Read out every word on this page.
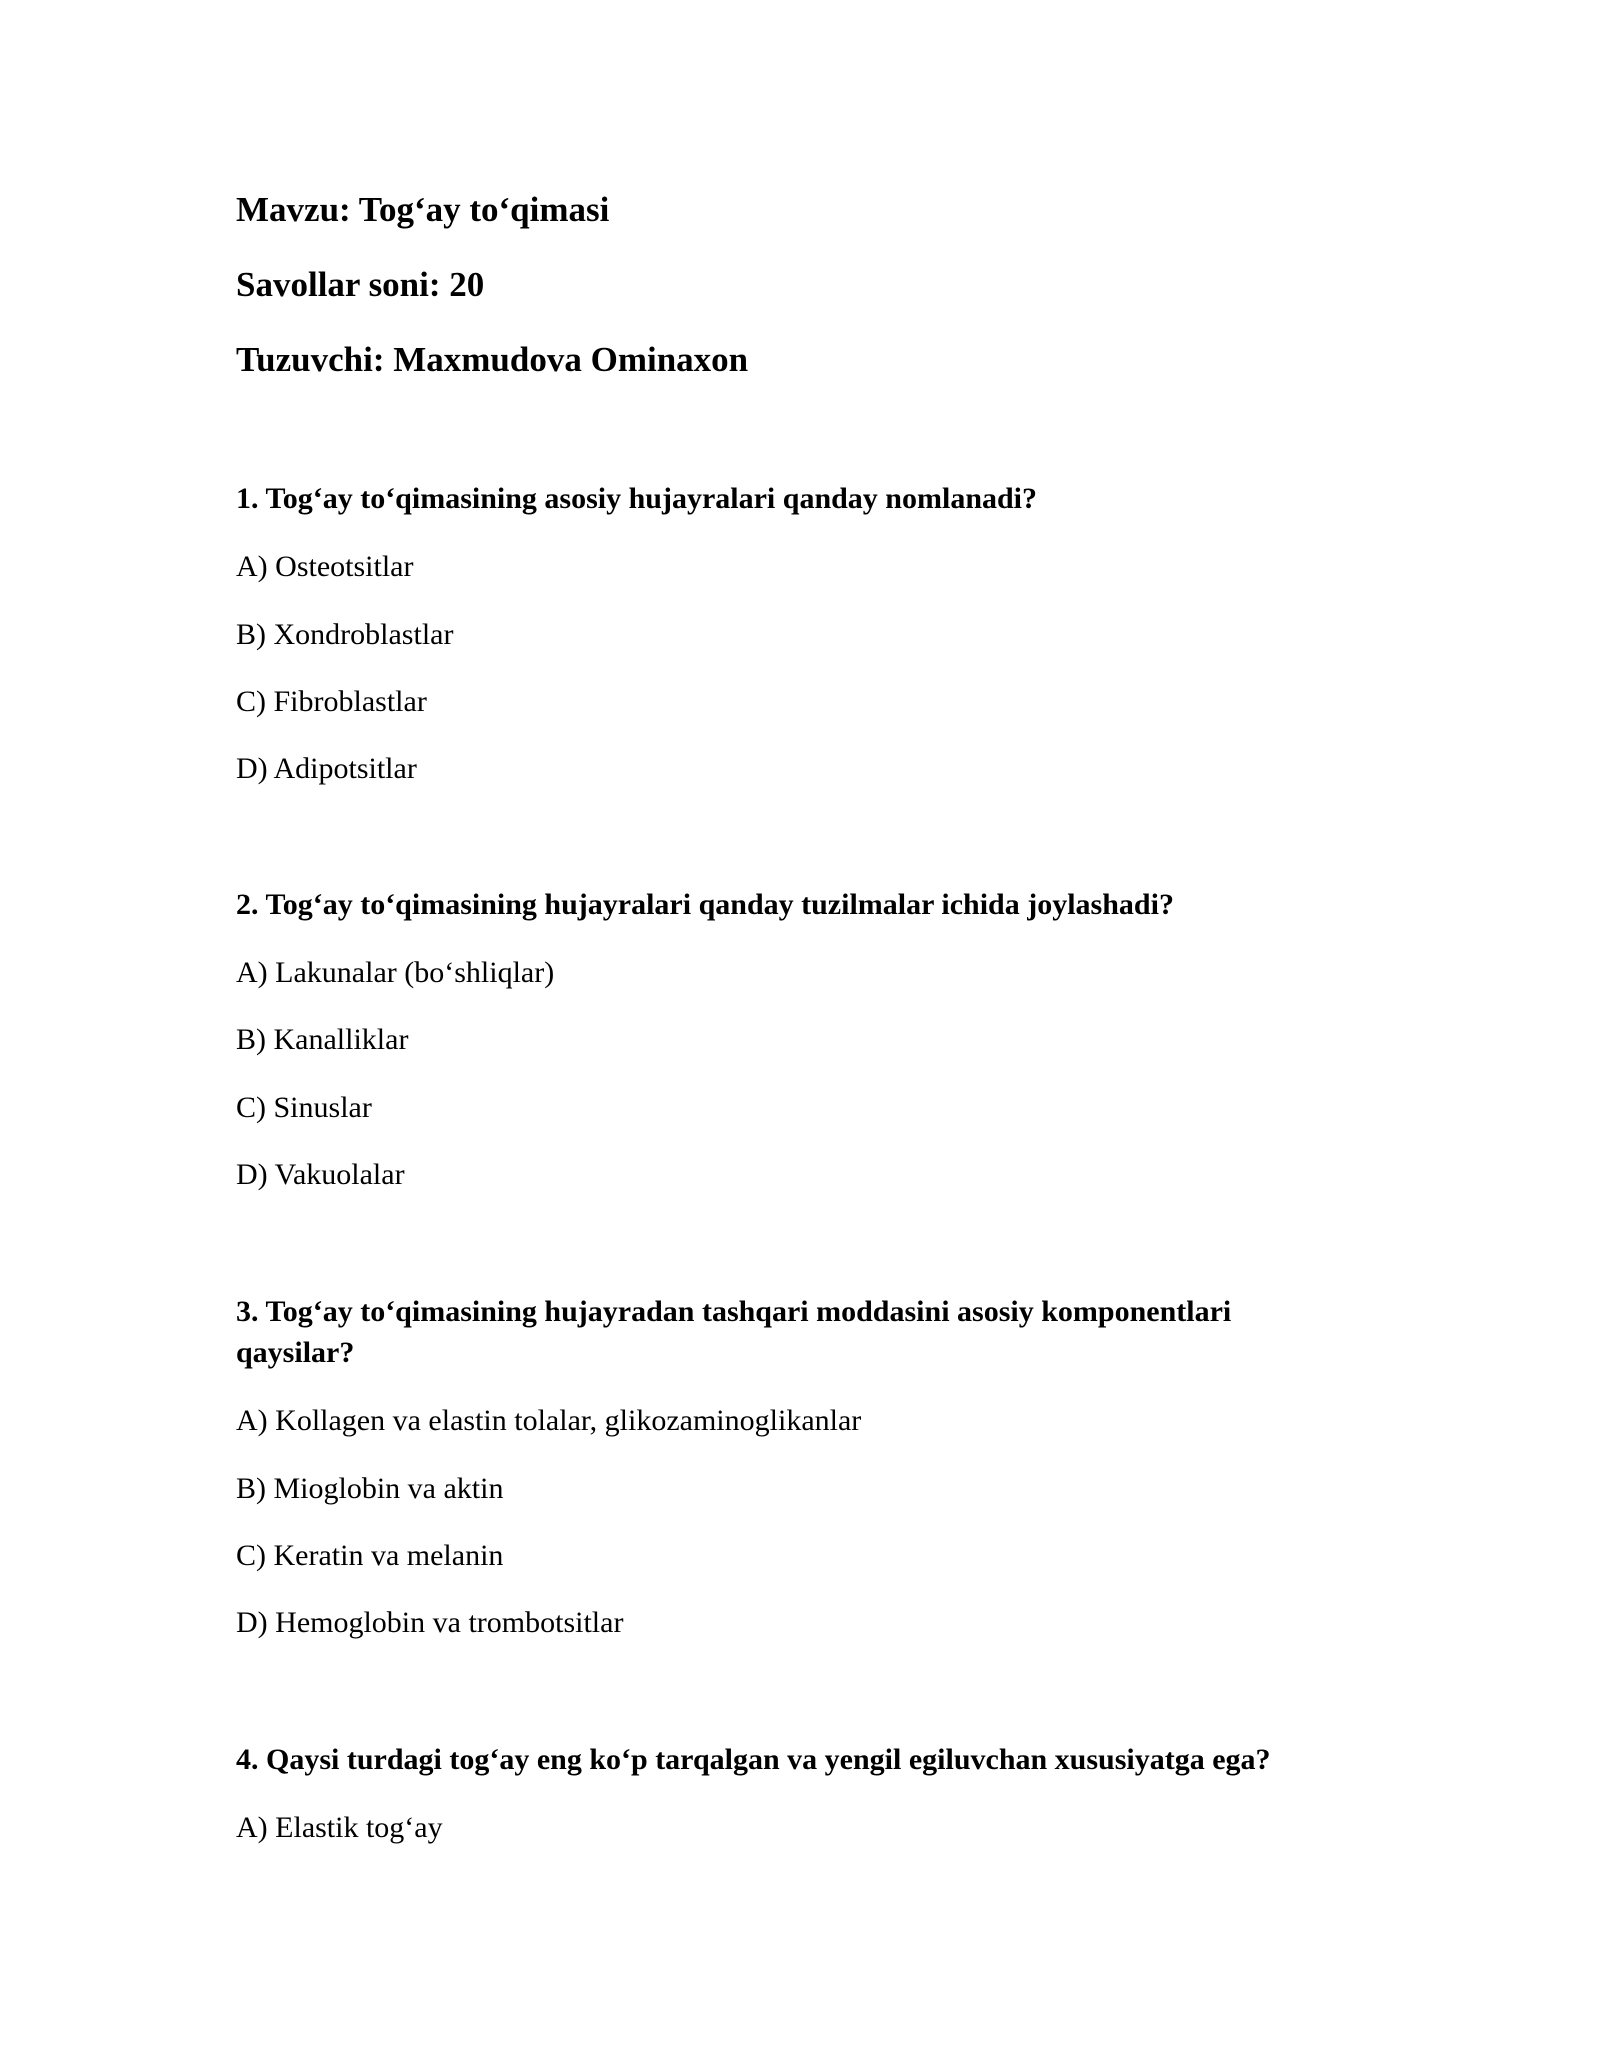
Mavzu: Tog‘ay to‘qimasi
Savollar soni: 20
Tuzuvchi: Maxmudova Ominaxon
1. Tog‘ay to‘qimasining asosiy hujayralari qanday nomlanadi?
A) Osteotsitlar
B) Xondroblastlar
C) Fibroblastlar
D) Adipotsitlar
2. Tog‘ay to‘qimasining hujayralari qanday tuzilmalar ichida joylashadi?
A) Lakunalar (bo‘shliqlar)
B) Kanalliklar
C) Sinuslar
D) Vakuolalar
3. Tog‘ay to‘qimasining hujayradan tashqari moddasini asosiy komponentlari
qaysilar?
A) Kollagen va elastin tolalar, glikozaminoglikanlar
B) Mioglobin va aktin
C) Keratin va melanin
D) Hemoglobin va trombotsitlar
4. Qaysi turdagi tog‘ay eng ko‘p tarqalgan va yengil egiluvchan xususiyatga ega?
A) Elastik tog‘ay
